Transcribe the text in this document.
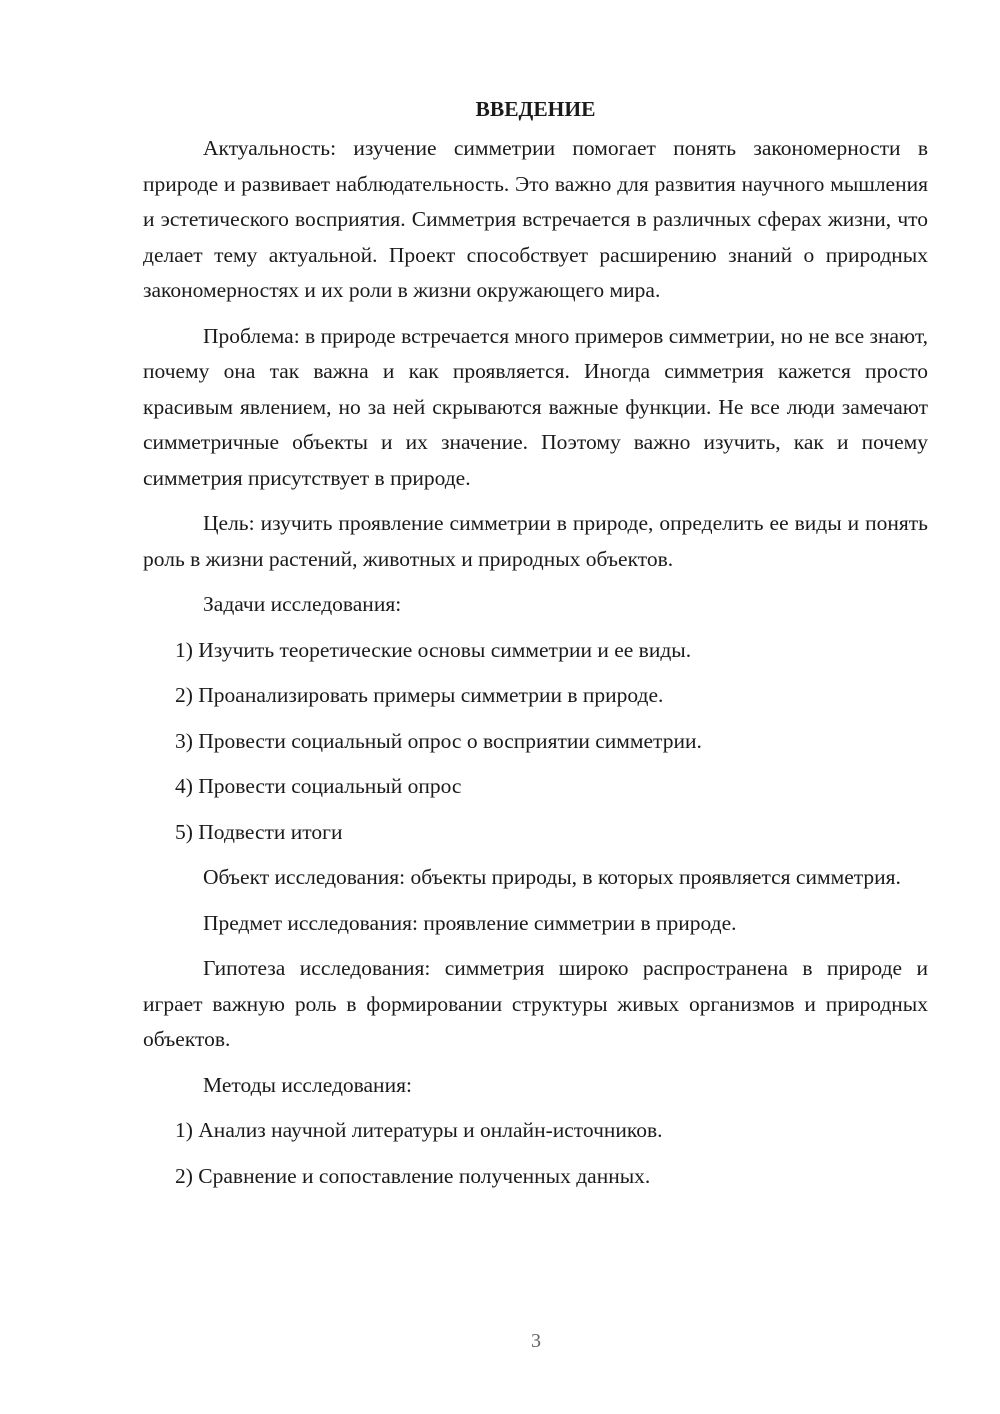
ВВЕДЕНИЕ

Актуальность: изучение симметрии помогает понять закономерности в природе и развивает наблюдательность. Это важно для развития научного мышления и эстетического восприятия. Симметрия встречается в различных сферах жизни, что делает тему актуальной. Проект способствует расширению знаний о природных закономерностях и их роли в жизни окружающего мира.

Проблема: в природе встречается много примеров симметрии, но не все знают, почему она так важна и как проявляется. Иногда симметрия кажется просто красивым явлением, но за ней скрываются важные функции. Не все люди замечают симметричные объекты и их значение. Поэтому важно изучить, как и почему симметрия присутствует в природе.

Цель: изучить проявление симметрии в природе, определить ее виды и понять роль в жизни растений, животных и природных объектов.

Задачи исследования:
1) Изучить теоретические основы симметрии и ее виды.
2) Проанализировать примеры симметрии в природе.
3) Провести социальный опрос о восприятии симметрии.
4) Провести социальный опрос
5) Подвести итоги

Объект исследования: объекты природы, в которых проявляется симметрия.

Предмет исследования: проявление симметрии в природе.

Гипотеза исследования: симметрия широко распространена в природе и играет важную роль в формировании структуры живых организмов и природных объектов.

Методы исследования:
1) Анализ научной литературы и онлайн-источников.
2) Сравнение и сопоставление полученных данных.
3
